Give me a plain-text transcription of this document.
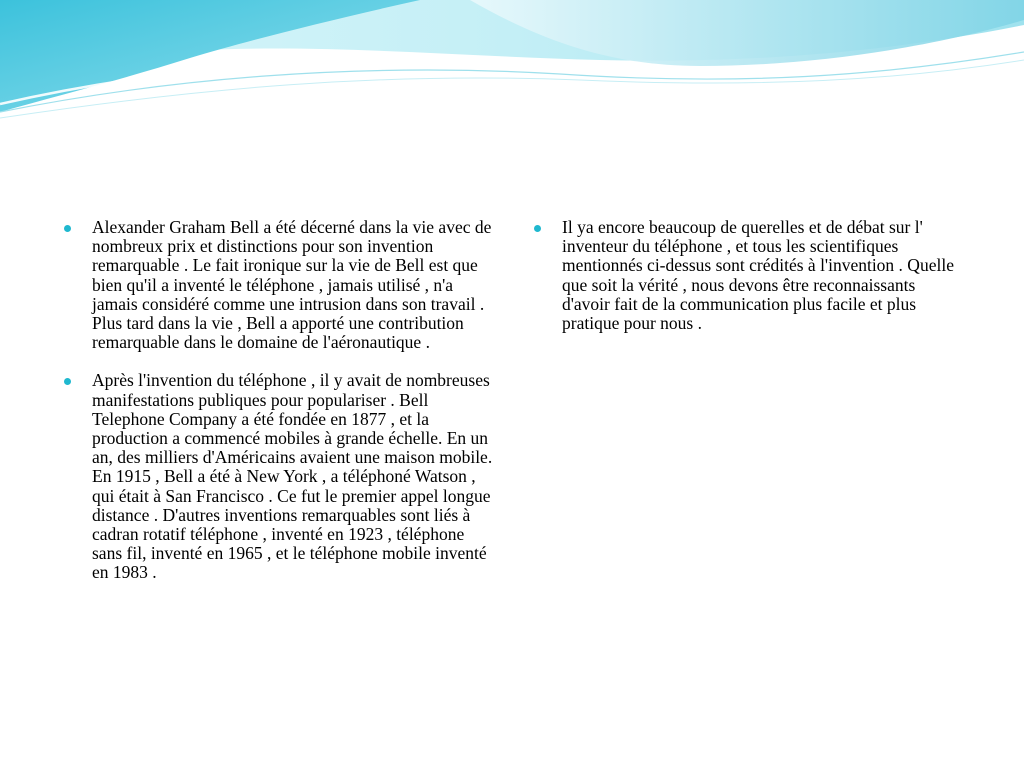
Alexander Graham Bell a été décerné dans la vie avec de nombreux prix et distinctions pour son invention remarquable . Le fait ironique sur la vie de Bell est que bien qu'il a inventé le téléphone , jamais utilisé , n'a jamais considéré comme une intrusion dans son travail . Plus tard dans la vie , Bell a apporté une contribution remarquable dans le domaine de l'aéronautique .
Après l'invention du téléphone , il y avait de nombreuses manifestations publiques pour populariser . Bell Telephone Company a été fondée en 1877 , et la production a commencé mobiles à grande échelle. En un an, des milliers d'Américains avaient une maison mobile. En 1915 , Bell a été à New York , a téléphoné Watson , qui était à San Francisco . Ce fut le premier appel longue distance . D'autres inventions remarquables sont liés à cadran rotatif téléphone , inventé en 1923 , téléphone sans fil, inventé en 1965 , et le téléphone mobile inventé en 1983 .
Il ya encore beaucoup de querelles et de débat sur l' inventeur du téléphone , et tous les scientifiques mentionnés ci-dessus sont crédités à l'invention . Quelle que soit la vérité , nous devons être reconnaissants d'avoir fait de la communication plus facile et plus pratique pour nous .
